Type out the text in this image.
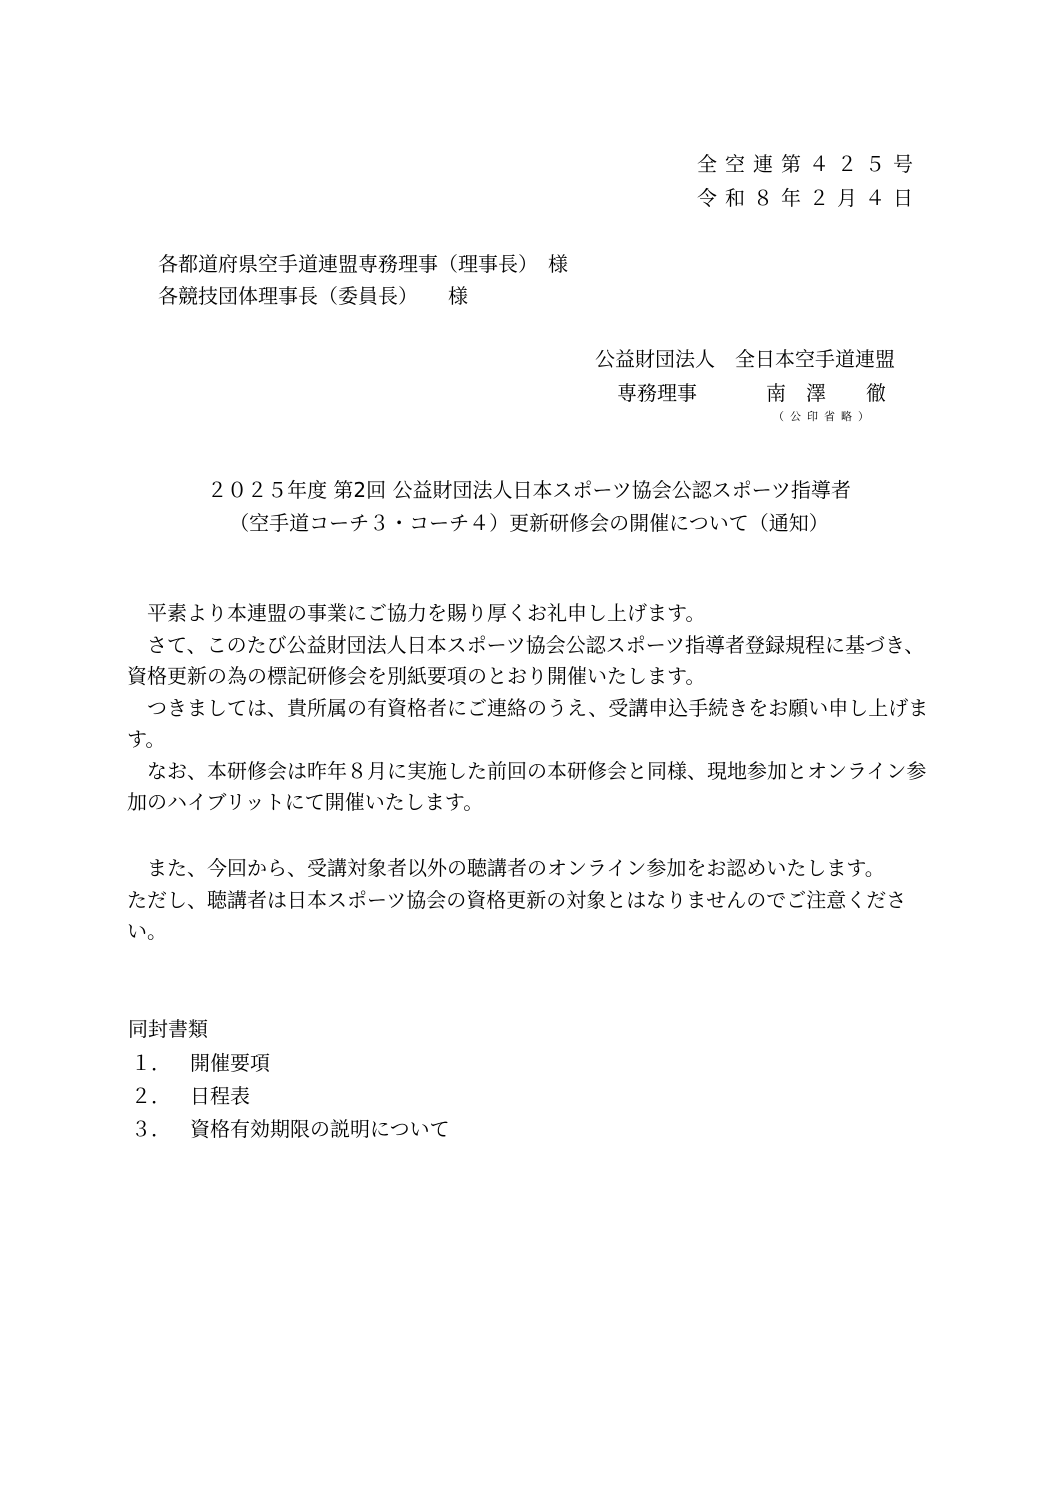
全空連第４２５号
令和８年２月４日
各都道府県空手道連盟専務理事（理事長）　様
各競技団体理事長（委員長）　　様
公益財団法人　全日本空手道連盟
専務理事	南　澤　　徹
（公印省略）
２０２５年度 第2回 公益財団法人日本スポーツ協会公認スポーツ指導者
（空手道コーチ３・コーチ４）更新研修会の開催について（通知）

平素より本連盟の事業にご協力を賜り厚くお礼申し上げます。

さて、このたび公益財団法人日本スポーツ協会公認スポーツ指導者登録規程に基づき、資格更新の為の標記研修会を別紙要項のとおり開催いたします。

つきましては、貴所属の有資格者にご連絡のうえ、受講申込手続きをお願い申し上げます。

なお、本研修会は昨年８月に実施した前回の本研修会と同様、現地参加とオンライン参加のハイブリットにて開催いたします。

また、今回から、受講対象者以外の聴講者のオンライン参加をお認めいたします。

ただし、聴講者は日本スポーツ協会の資格更新の対象とはなりませんのでご注意ください。

同封書類
１． 開催要項
２． 日程表
３． 資格有効期限の説明について
